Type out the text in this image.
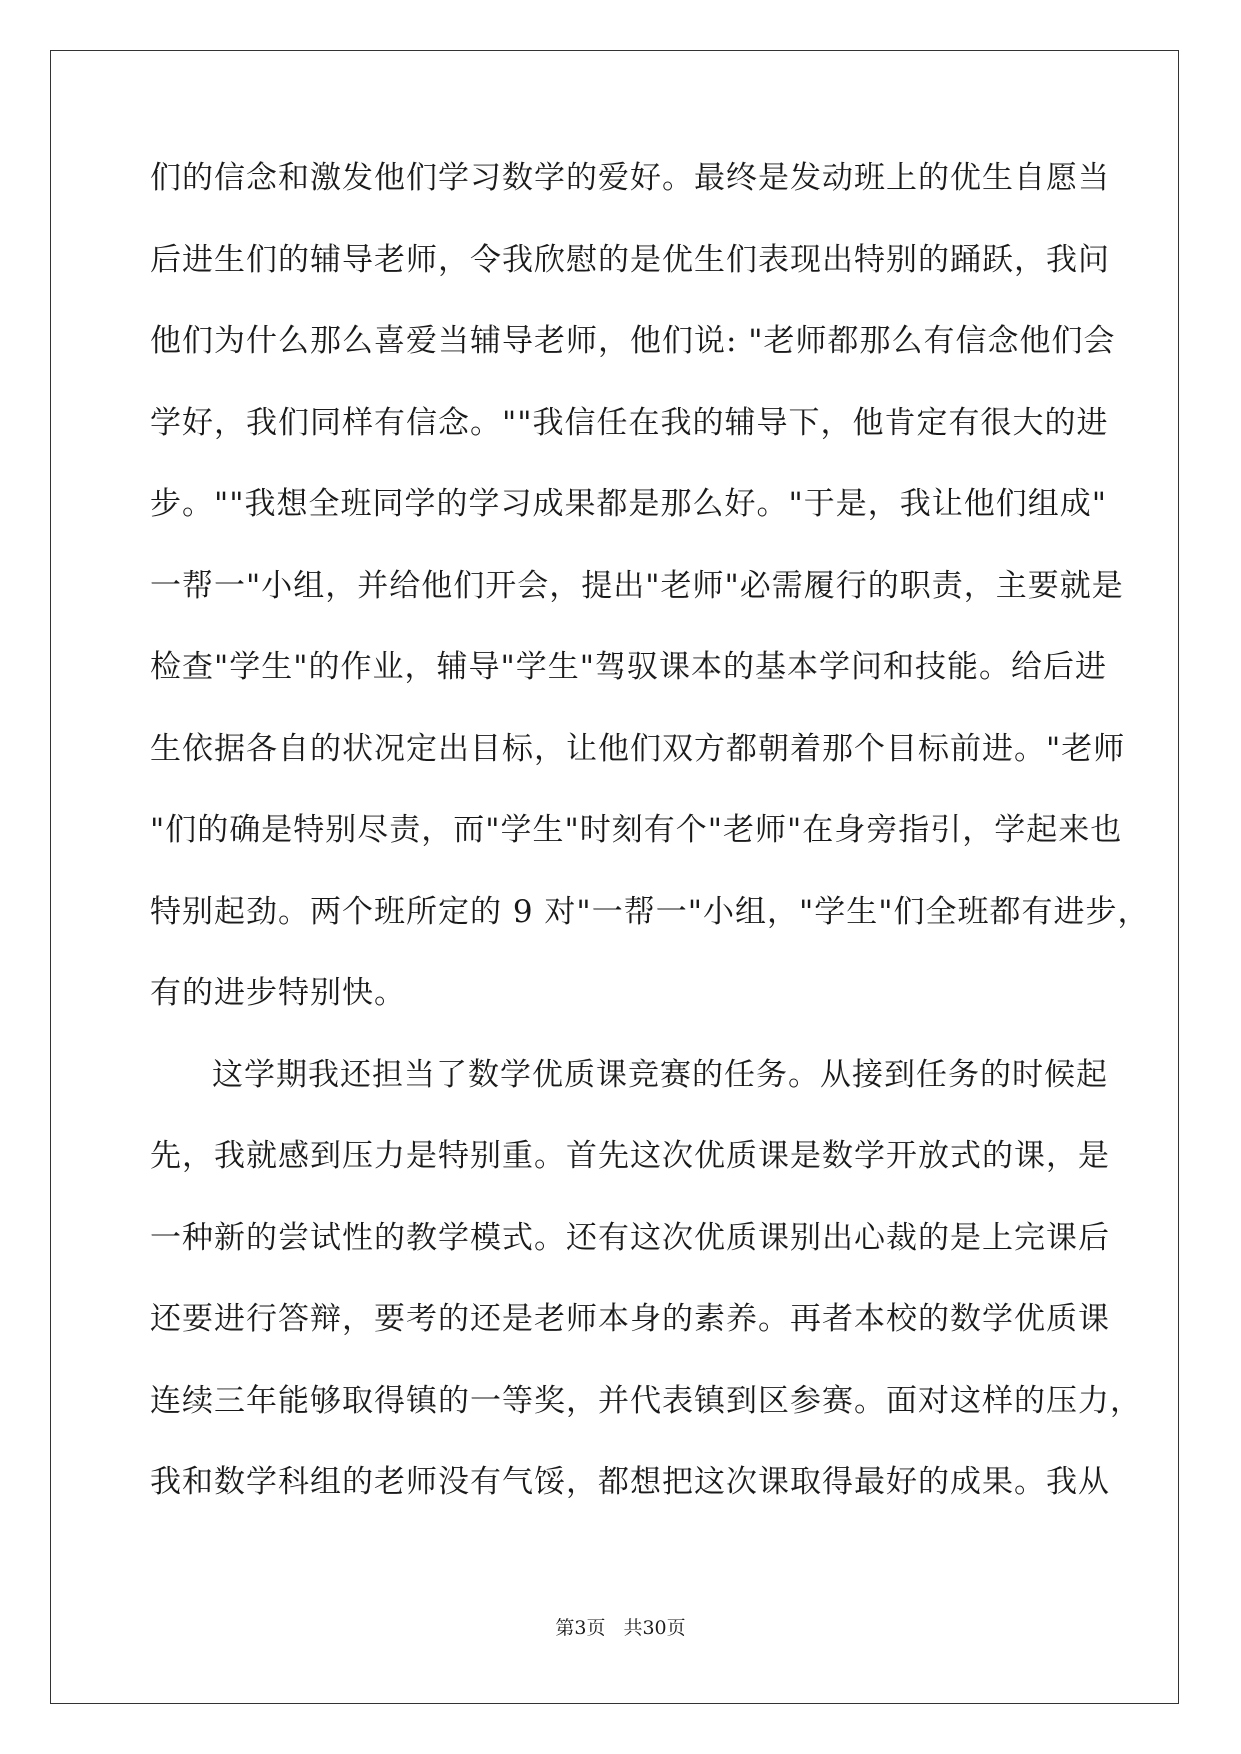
们的信念和激发他们学习数学的爱好。最终是发动班上的优生自愿当
后进生们的辅导老师，令我欣慰的是优生们表现出特别的踊跃，我问
他们为什么那么喜爱当辅导老师，他们说: "老师都那么有信念他们会
学好，我们同样有信念。""我信任在我的辅导下，他肯定有很大的进
步。""我想全班同学的学习成果都是那么好。"于是，我让他们组成"
一帮一"小组，并给他们开会，提出"老师"必需履行的职责，主要就是
检查"学生"的作业，辅导"学生"驾驭课本的基本学问和技能。给后进
生依据各自的状况定出目标，让他们双方都朝着那个目标前进。"老师
"们的确是特别尽责，而"学生"时刻有个"老师"在身旁指引，学起来也
特别起劲。两个班所定的 9 对"一帮一"小组，"学生"们全班都有进步，
有的进步特别快。
这学期我还担当了数学优质课竞赛的任务。从接到任务的时候起
先，我就感到压力是特别重。首先这次优质课是数学开放式的课，是
一种新的尝试性的教学模式。还有这次优质课别出心裁的是上完课后
还要进行答辩，要考的还是老师本身的素养。再者本校的数学优质课
连续三年能够取得镇的一等奖，并代表镇到区参赛。面对这样的压力，
我和数学科组的老师没有气馁，都想把这次课取得最好的成果。我从
第3页 共30页
